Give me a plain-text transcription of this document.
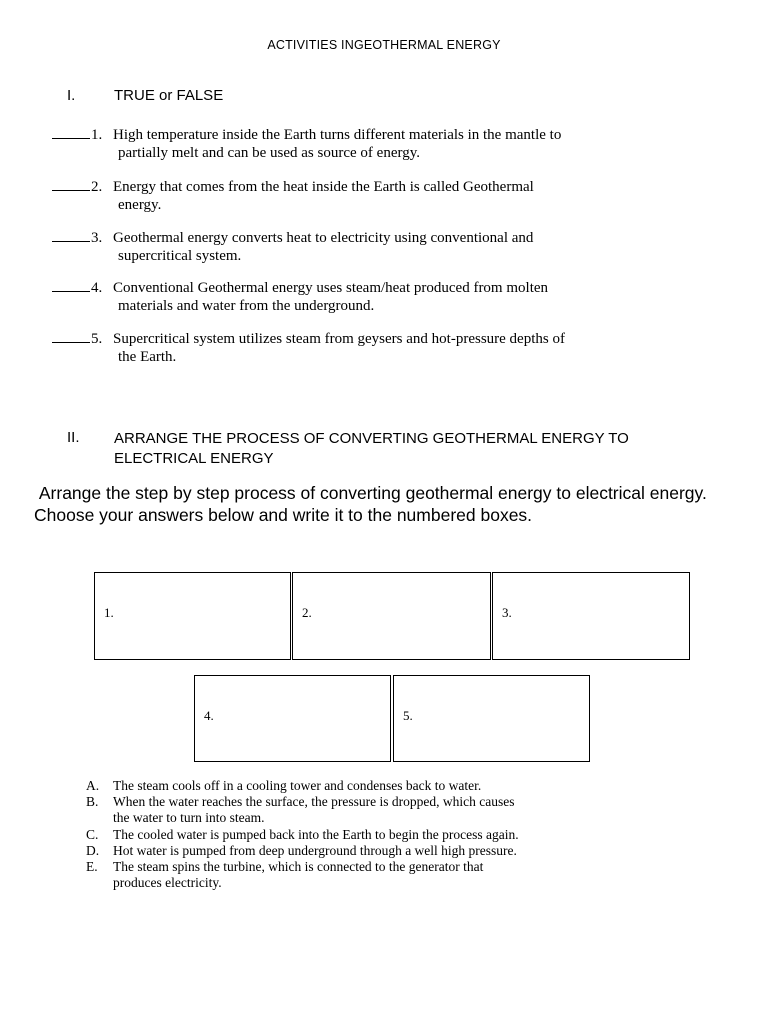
ACTIVITIES INGEOTHERMAL ENERGY
I.	TRUE or FALSE
1. High temperature inside the Earth turns different materials in the mantle to
partially melt and can be used as source of energy.
2. Energy that comes from the heat inside the Earth is called Geothermal
energy.
3. Geothermal energy converts heat to electricity using conventional and
supercritical system.
4. Conventional Geothermal energy uses steam/heat produced from molten
materials and water from the underground.
5. Supercritical system utilizes steam from geysers and hot-pressure depths of
the Earth.
II. ARRANGE THE PROCESS OF CONVERTING GEOTHERMAL ENERGY TO
ELECTRICAL ENERGY
Arrange the step by step process of converting geothermal energy to electrical energy. Choose your answers below and write it to the numbered boxes.
1.	2.	3.
4.	5.
A.	The steam cools off in a cooling tower and condenses back to water.
B.	When the water reaches the surface, the pressure is dropped, which causes
the water to turn into steam.
C.	The cooled water is pumped back into the Earth to begin the process again.
D.	Hot water is pumped from deep underground through a well high pressure.
E.	The steam spins the turbine, which is connected to the generator that
produces electricity.
